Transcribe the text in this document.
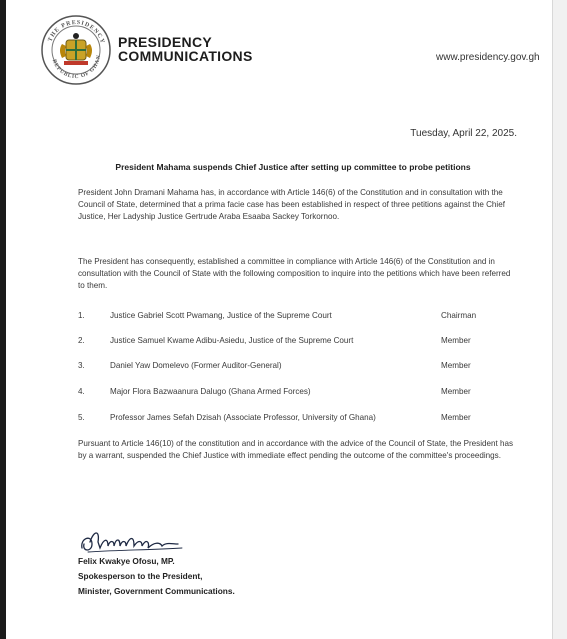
THE PRESIDENCY
REPUBLIC OF GHAN
PRESIDENCY
COMMUNICATIONS	www.presidency.gov.gh
Tuesday, April 22, 2025.
President Mahama suspends Chief Justice after setting up committee to probe petitions
President John Dramani Mahama has, in accordance with Article 146(6) of the Constitution and in consultation with the Council of State, determined that a prima facie case has been established in respect of three petitions against the Chief Justice, Her Ladyship Justice Gertrude Araba Esaaba Sackey Torkornoo.
The President has consequently, established a committee in compliance with Article 146(6) of the Constitution and in consultation with the Council of State with the following composition to inquire into the petitions which have been referred to them.
1.	Justice Gabriel Scott Pwamang, Justice of the Supreme Court	Chairman
2.	Justice Samuel Kwame Adibu-Asiedu, Justice of the Supreme Court	Member
3.	Daniel Yaw Domelevo (Former Auditor-General)	Member
4.	Major Flora Bazwaanura Dalugo (Ghana Armed Forces)	Member
5.	Professor James Sefah Dzisah (Associate Professor, University of Ghana)	Member
Pursuant to Article 146(10) of the constitution and in accordance with the advice of the Council of State, the President has by a warrant, suspended the Chief Justice with immediate effect pending the outcome of the committee's proceedings.
Felix Kwakye Ofosu, MP.
Spokesperson to the President,
Minister, Government Communications.
